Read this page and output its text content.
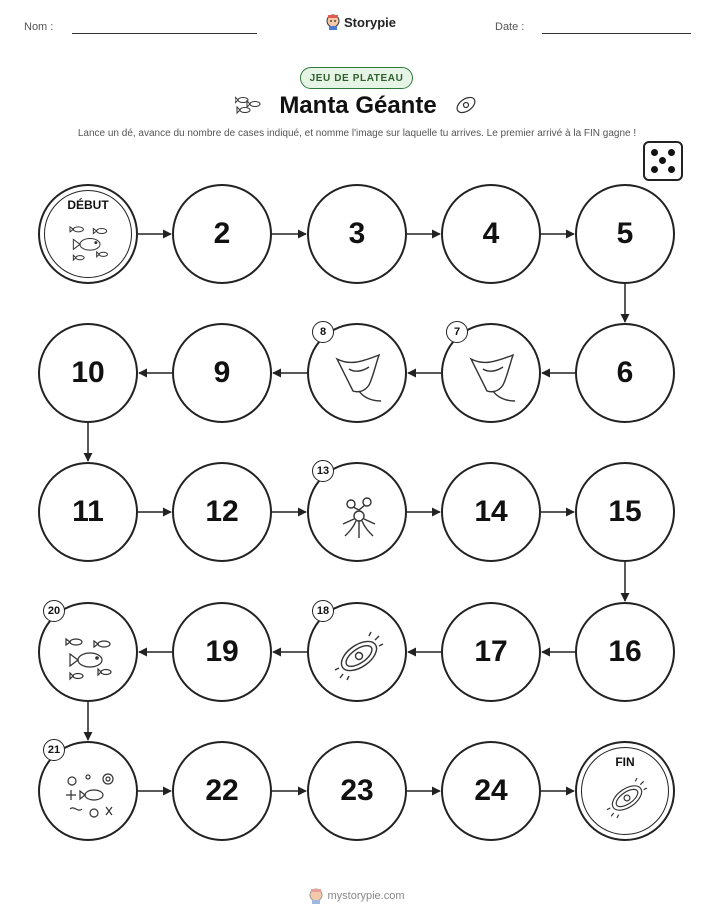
Nom :	Storypie	Date :
JEU DE PLATEAU
Manta Géante
Lance un dé, avance du nombre de cases indiqué, et nomme l'image sur laquelle tu arrives. Le premier arrivé à la FIN gagne !
DÉBUT
2	3	4	5
6
7
8
9
10
11	12
13
14	15
16
17
18
19
20
21
22	23	24
FIN
mystorypie.com
